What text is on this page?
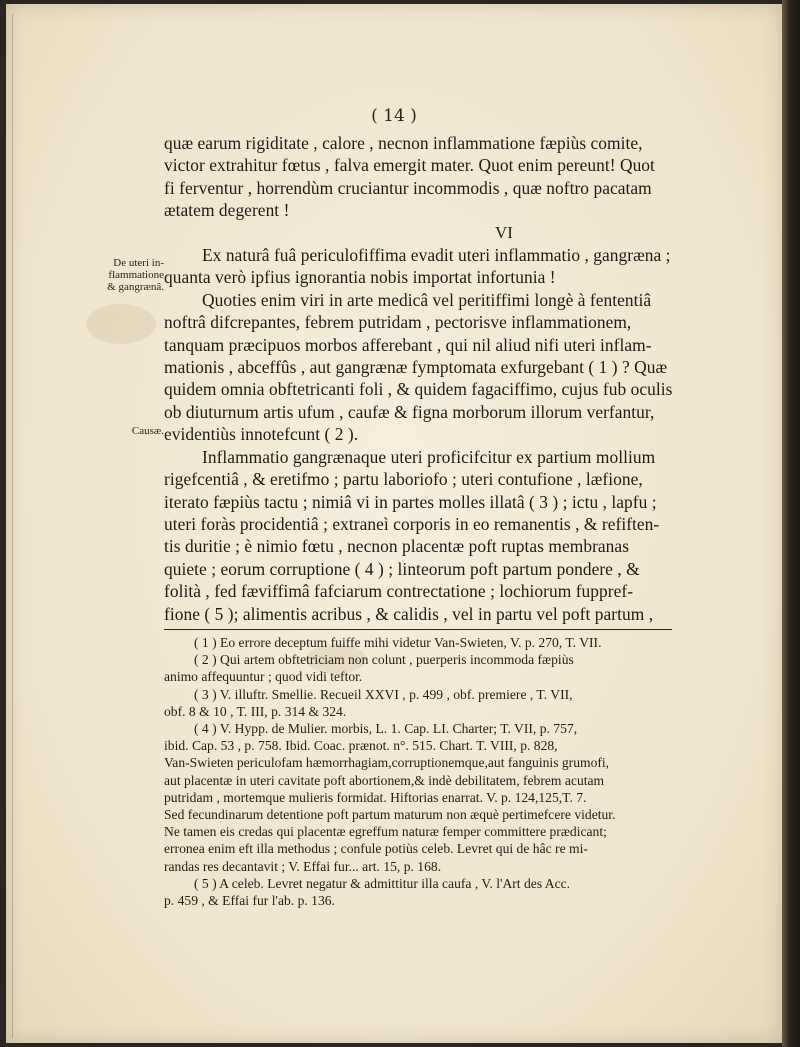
( 14 )
De uteri in-flammatione & gangrænâ.
Causæ.
quæ earum rigiditate , calore , necnon inflammatione fæpiùs comite,
victor extrahitur fœtus , falva emergit mater. Quot enim pereunt! Quot
fi ferventur , horrendùm cruciantur incommodis , quæ noftro pacatam
ætatem degerent !
VI
Ex naturâ fuâ periculofiffima evadit uteri inflammatio , gangræna ;
quanta verò ipfius ignorantia nobis importat infortunia !
Quoties enim viri in arte medicâ vel peritiffimi longè à fententiâ
noftrâ difcrepantes, febrem putridam , pectorisve inflammationem,
tanquam præcipuos morbos afferebant , qui nil aliud nifi uteri inflam-
mationis , abceffûs , aut gangrænæ fymptomata exfurgebant ( 1 ) ? Quæ
quidem omnia obftetricanti foli , & quidem fagaciffimo, cujus fub oculis
ob diuturnum artis ufum , caufæ & figna morborum illorum verfantur,
evidentiùs innotefcunt ( 2 ).
Inflammatio gangrænaque uteri proficifcitur ex partium mollium
rigefcentiâ , & eretifmo ; partu laboriofo ; uteri contufione , læfione,
iterato fæpiùs tactu ; nimiâ vi in partes molles illatâ ( 3 ) ; ictu , lapfu ;
uteri foràs procidentiâ ; extraneì corporis in eo remanentis , & refiften-
tis duritie ; è nimio fœtu , necnon placentæ poft ruptas membranas
quiete ; eorum corruptione ( 4 ) ; linteorum poft partum pondere , &
folità , fed fæviffimâ fafciarum contrectatione ; lochiorum fuppref-
fione ( 5 ); alimentis acribus , & calidis , vel in partu vel poft partum ,
( 1 ) Eo errore deceptum fuiffe mihi videtur Van-Swieten, V. p. 270, T. VII.
( 2 ) Qui artem obftetriciam non colunt , puerperis incommoda fæpiùs
animo affequuntur ; quod vidi teftor.
( 3 ) V. illuftr. Smellie. Recueil XXVI , p. 499 , obf. premiere , T. VII,
obf. 8 & 10 , T. III, p. 314 & 324.
( 4 ) V. Hypp. de Mulier. morbis, L. 1. Cap. LI. Charter; T. VII, p. 757,
ibid. Cap. 53 , p. 758. Ibid. Coac. prænot. n°. 515. Chart. T. VIII, p. 828,
Van-Swieten periculofam hæmorrhagiam,corruptionemque,aut fanguinis grumofi,
aut placentæ in uteri cavitate poft abortionem,& indè debilitatem, febrem acutam
putridam , mortemque mulieris formidat. Hiftorias enarrat. V. p. 124,125,T. 7.
Sed fecundinarum detentione poft partum maturum non æquè pertimefcere videtur.
Ne tamen eis credas qui placentæ egreffum naturæ femper committere prædicant;
erronea enim eft illa methodus ; confule potiùs celeb. Levret qui de hâc re mi-
randas res decantavit ; V. Effai fur... art. 15, p. 168.
( 5 ) A celeb. Levret negatur & admittitur illa caufa , V. l'Art des Acc.
p. 459 , & Effai fur l'ab. p. 136.
